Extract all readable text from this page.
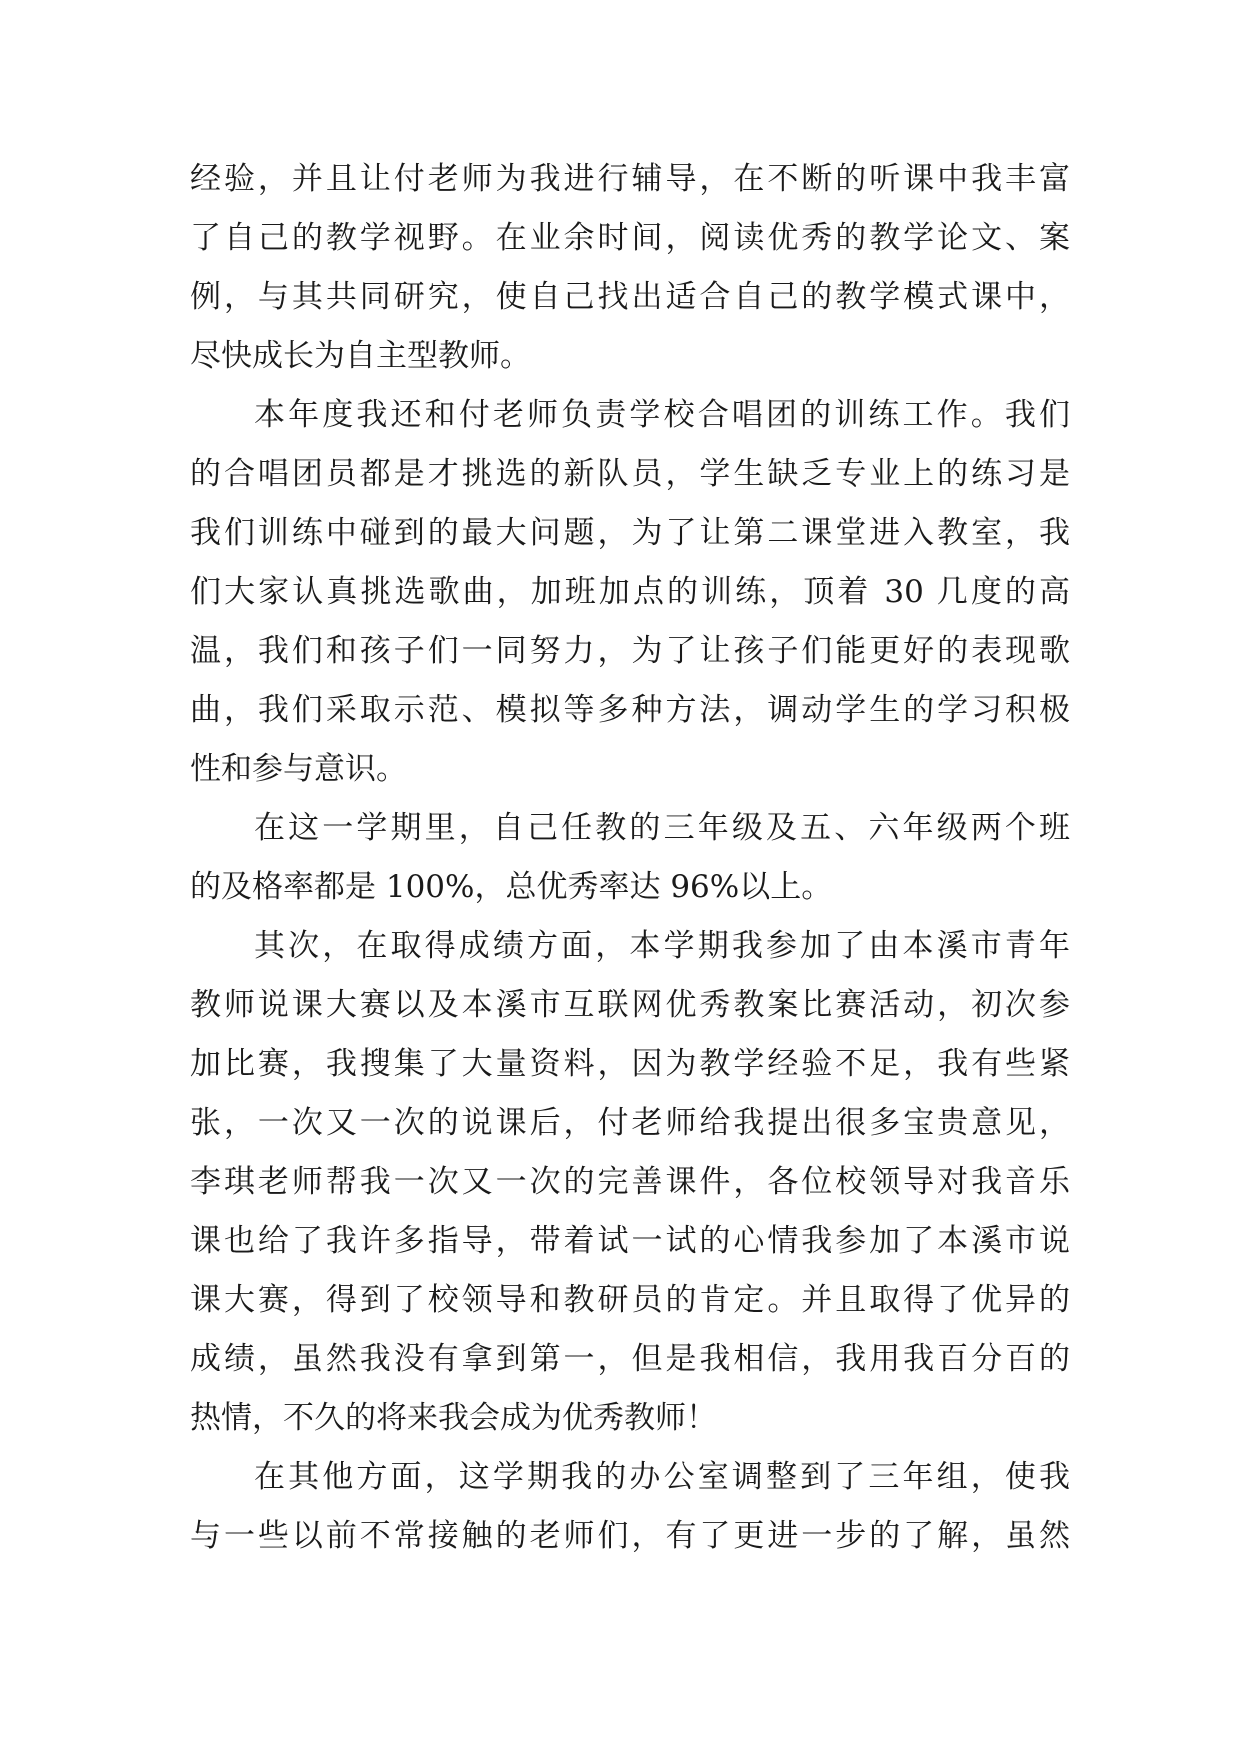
经验，并且让付老师为我进行辅导，在不断的听课中我丰富
了自己的教学视野。在业余时间，阅读优秀的教学论文、案
例，与其共同研究，使自己找出适合自己的教学模式课中，
尽快成长为自主型教师。
本年度我还和付老师负责学校合唱团的训练工作。我们
的合唱团员都是才挑选的新队员，学生缺乏专业上的练习是
我们训练中碰到的最大问题，为了让第二课堂进入教室，我
们大家认真挑选歌曲，加班加点的训练，顶着 30 几度的高
温，我们和孩子们一同努力，为了让孩子们能更好的表现歌
曲，我们采取示范、模拟等多种方法，调动学生的学习积极
性和参与意识。
在这一学期里，自己任教的三年级及五、六年级两个班
的及格率都是 100%，总优秀率达 96%以上。
其次，在取得成绩方面，本学期我参加了由本溪市青年
教师说课大赛以及本溪市互联网优秀教案比赛活动，初次参
加比赛，我搜集了大量资料，因为教学经验不足，我有些紧
张，一次又一次的说课后，付老师给我提出很多宝贵意见，
李琪老师帮我一次又一次的完善课件，各位校领导对我音乐
课也给了我许多指导，带着试一试的心情我参加了本溪市说
课大赛，得到了校领导和教研员的肯定。并且取得了优异的
成绩，虽然我没有拿到第一，但是我相信，我用我百分百的
热情，不久的将来我会成为优秀教师！
在其他方面，这学期我的办公室调整到了三年组，使我
与一些以前不常接触的老师们，有了更进一步的了解，虽然
